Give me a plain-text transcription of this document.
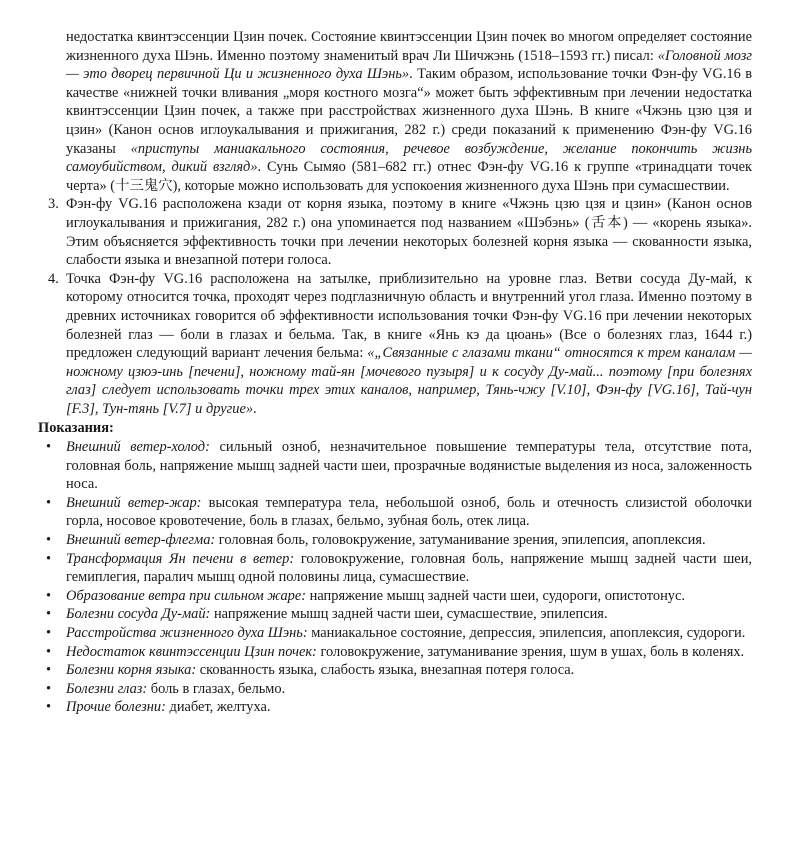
недостатка квинтэссенции Цзин почек. Состояние квинтэссенции Цзин почек во многом определяет состояние жизненного духа Шэнь. Именно поэтому знаменитый врач Ли Шичжэнь (1518–1593 гг.) писал: «Головной мозг — это дворец первичной Ци и жизненного духа Шэнь». Таким образом, использование точки Фэн-фу VG.16 в качестве «нижней точки вливания „моря костного мозга“» может быть эффективным при лечении недостатка квинтэссенции Цзин почек, а также при расстройствах жизненного духа Шэнь. В книге «Чжэнь цзю цзя и цзин» (Канон основ иглоукалывания и прижигания, 282 г.) среди показаний к применению Фэн-фу VG.16 указаны «приступы маниакального состояния, речевое возбуждение, желание покончить жизнь самоубийством, дикий взгляд». Сунь Сымяо (581–682 гг.) отнес Фэн-фу VG.16 к группе «тринадцати точек черта» (十三鬼穴), которые можно использовать для успокоения жизненного духа Шэнь при сумасшествии.

3. Фэн-фу VG.16 расположена кзади от корня языка, поэтому в книге «Чжэнь цзю цзя и цзин» (Канон основ иглоукалывания и прижигания, 282 г.) она упоминается под названием «Шэбэнь» (舌本) — «корень языка». Этим объясняется эффективность точки при лечении некоторых болезней корня языка — скованности языка, слабости языка и внезапной потери голоса.

4. Точка Фэн-фу VG.16 расположена на затылке, приблизительно на уровне глаз. Ветви сосуда Ду-май, к которому относится точка, проходят через подглазничную область и внутренний угол глаза. Именно поэтому в древних источниках говорится об эффективности использования точки Фэн-фу VG.16 при лечении некоторых болезней глаз — боли в глазах и бельма. Так, в книге «Янь кэ да цюань» (Все о болезнях глаз, 1644 г.) предложен следующий вариант лечения бельма: «„Связанные с глазами ткани“ относятся к трем каналам — ножному цзюэ-инь [печени], ножному тай-ян [мочевого пузыря] и к сосуду Ду-май... поэтому [при болезнях глаз] следует использовать точки трех этих каналов, например, Тянь-чжу [V.10], Фэн-фу [VG.16], Тай-чун [F.3], Тун-тянь [V.7] и другие».

Показания:

• Внешний ветер-холод: сильный озноб, незначительное повышение температуры тела, отсутствие пота, головная боль, напряжение мышц задней части шеи, прозрачные водянистые выделения из носа, заложенность носа.
• Внешний ветер-жар: высокая температура тела, небольшой озноб, боль и отечность слизистой оболочки горла, носовое кровотечение, боль в глазах, бельмо, зубная боль, отек лица.
• Внешний ветер-флегма: головная боль, головокружение, затуманивание зрения, эпилепсия, апоплексия.
• Трансформация Ян печени в ветер: головокружение, головная боль, напряжение мышц задней части шеи, гемиплегия, паралич мышц одной половины лица, сумасшествие.
• Образование ветра при сильном жаре: напряжение мышц задней части шеи, судороги, опистотонус.
• Болезни сосуда Ду-май: напряжение мышц задней части шеи, сумасшествие, эпилепсия.
• Расстройства жизненного духа Шэнь: маниакальное состояние, депрессия, эпилепсия, апоплексия, судороги.
• Недостаток квинтэссенции Цзин почек: головокружение, затуманивание зрения, шум в ушах, боль в коленях.
• Болезни корня языка: скованность языка, слабость языка, внезапная потеря голоса.
• Болезни глаз: боль в глазах, бельмо.
• Прочие болезни: диабет, желтуха.
